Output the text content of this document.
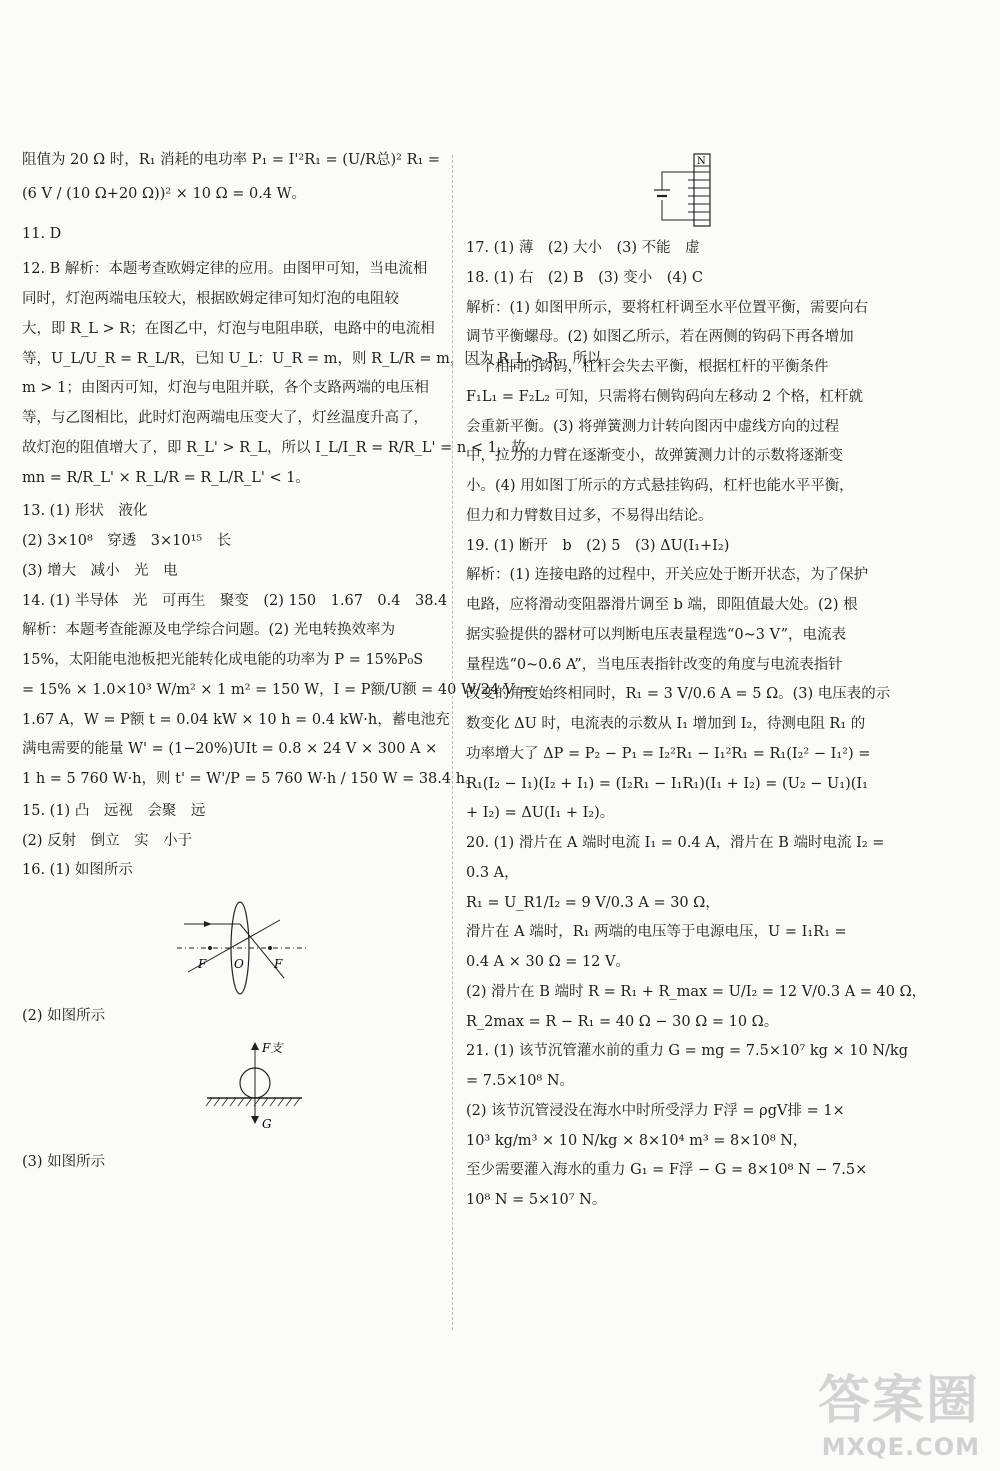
阻值为 20 Ω 时，R₁ 消耗的电功率 P₁ = I'²R₁ = (U/R总)² R₁ =
(6 V / (10 Ω+20 Ω))² × 10 Ω = 0.4 W。
11. D
12. B 解析：本题考查欧姆定律的应用。由图甲可知，当电流相
同时，灯泡两端电压较大，根据欧姆定律可知灯泡的电阻较
大，即 R_L > R；在图乙中，灯泡与电阻串联，电路中的电流相
等，U_L/U_R = R_L/R，已知 U_L：U_R = m，则 R_L/R = m，因为 R_L > R，所以
m > 1；由图丙可知，灯泡与电阻并联，各个支路两端的电压相
等，与乙图相比，此时灯泡两端电压变大了，灯丝温度升高了，
故灯泡的阻值增大了，即 R_L' > R_L，所以 I_L/I_R = R/R_L' = n < 1，故
mn = R/R_L' × R_L/R = R_L/R_L' < 1。
13. (1) 形状　液化
(2) 3×10⁸　穿透　3×10¹⁵　长
(3) 增大　减小　光　电
14. (1) 半导体　光　可再生　聚变　(2) 150　1.67　0.4　38.4
解析：本题考查能源及电学综合问题。(2) 光电转换效率为
15%，太阳能电池板把光能转化成电能的功率为 P = 15%P₀S
= 15% × 1.0×10³ W/m² × 1 m² = 150 W，I = P额/U额 = 40 W/24 V =
1.67 A，W = P额 t = 0.04 kW × 10 h = 0.4 kW·h，蓄电池充
满电需要的能量 W' = (1−20%)UIt = 0.8 × 24 V × 300 A ×
1 h = 5 760 W·h，则 t' = W'/P = 5 760 W·h / 150 W = 38.4 h。
15. (1) 凸　远视　会聚　远
(2) 反射　倒立　实　小于
16. (1) 如图所示
F O	F
(2) 如图所示
F支
G
(3) 如图所示
N
17. (1) 薄　(2) 大小　(3) 不能　虚
18. (1) 右　(2) B　(3) 变小　(4) C
解析：(1) 如图甲所示，要将杠杆调至水平位置平衡，需要向右
调节平衡螺母。(2) 如图乙所示，若在两侧的钩码下再各增加
一个相同的钩码，杠杆会失去平衡，根据杠杆的平衡条件
F₁L₁ = F₂L₂ 可知，只需将右侧钩码向左移动 2 个格，杠杆就
会重新平衡。(3) 将弹簧测力计转向图丙中虚线方向的过程
中，拉力的力臂在逐渐变小，故弹簧测力计的示数将逐渐变
小。(4) 用如图丁所示的方式悬挂钩码，杠杆也能水平平衡，
但力和力臂数目过多，不易得出结论。
19. (1) 断开　b　(2) 5　(3) ΔU(I₁+I₂)
解析：(1) 连接电路的过程中，开关应处于断开状态，为了保护
电路，应将滑动变阻器滑片调至 b 端，即阻值最大处。(2) 根
据实验提供的器材可以判断电压表量程选“0~3 V”，电流表
量程选“0~0.6 A”，当电压表指针改变的角度与电流表指针
改变的角度始终相同时，R₁ = 3 V/0.6 A = 5 Ω。(3) 电压表的示
数变化 ΔU 时，电流表的示数从 I₁ 增加到 I₂，待测电阻 R₁ 的
功率增大了 ΔP = P₂ − P₁ = I₂²R₁ − I₁²R₁ = R₁(I₂² − I₁²) =
R₁(I₂ − I₁)(I₂ + I₁) = (I₂R₁ − I₁R₁)(I₁ + I₂) = (U₂ − U₁)(I₁
+ I₂) = ΔU(I₁ + I₂)。
20. (1) 滑片在 A 端时电流 I₁ = 0.4 A，滑片在 B 端时电流 I₂ =
0.3 A，
R₁ = U_R1/I₂ = 9 V/0.3 A = 30 Ω，
滑片在 A 端时，R₁ 两端的电压等于电源电压，U = I₁R₁ =
0.4 A × 30 Ω = 12 V。
(2) 滑片在 B 端时 R = R₁ + R_max = U/I₂ = 12 V/0.3 A = 40 Ω，
R_2max = R − R₁ = 40 Ω − 30 Ω = 10 Ω。
21. (1) 该节沉管灌水前的重力 G = mg = 7.5×10⁷ kg × 10 N/kg
= 7.5×10⁸ N。
(2) 该节沉管浸没在海水中时所受浮力 F浮 = ρgV排 = 1×
10³ kg/m³ × 10 N/kg × 8×10⁴ m³ = 8×10⁸ N，
至少需要灌入海水的重力 G₁ = F浮 − G = 8×10⁸ N − 7.5×
10⁸ N = 5×10⁷ N。
答案圈
MXQE.COM
